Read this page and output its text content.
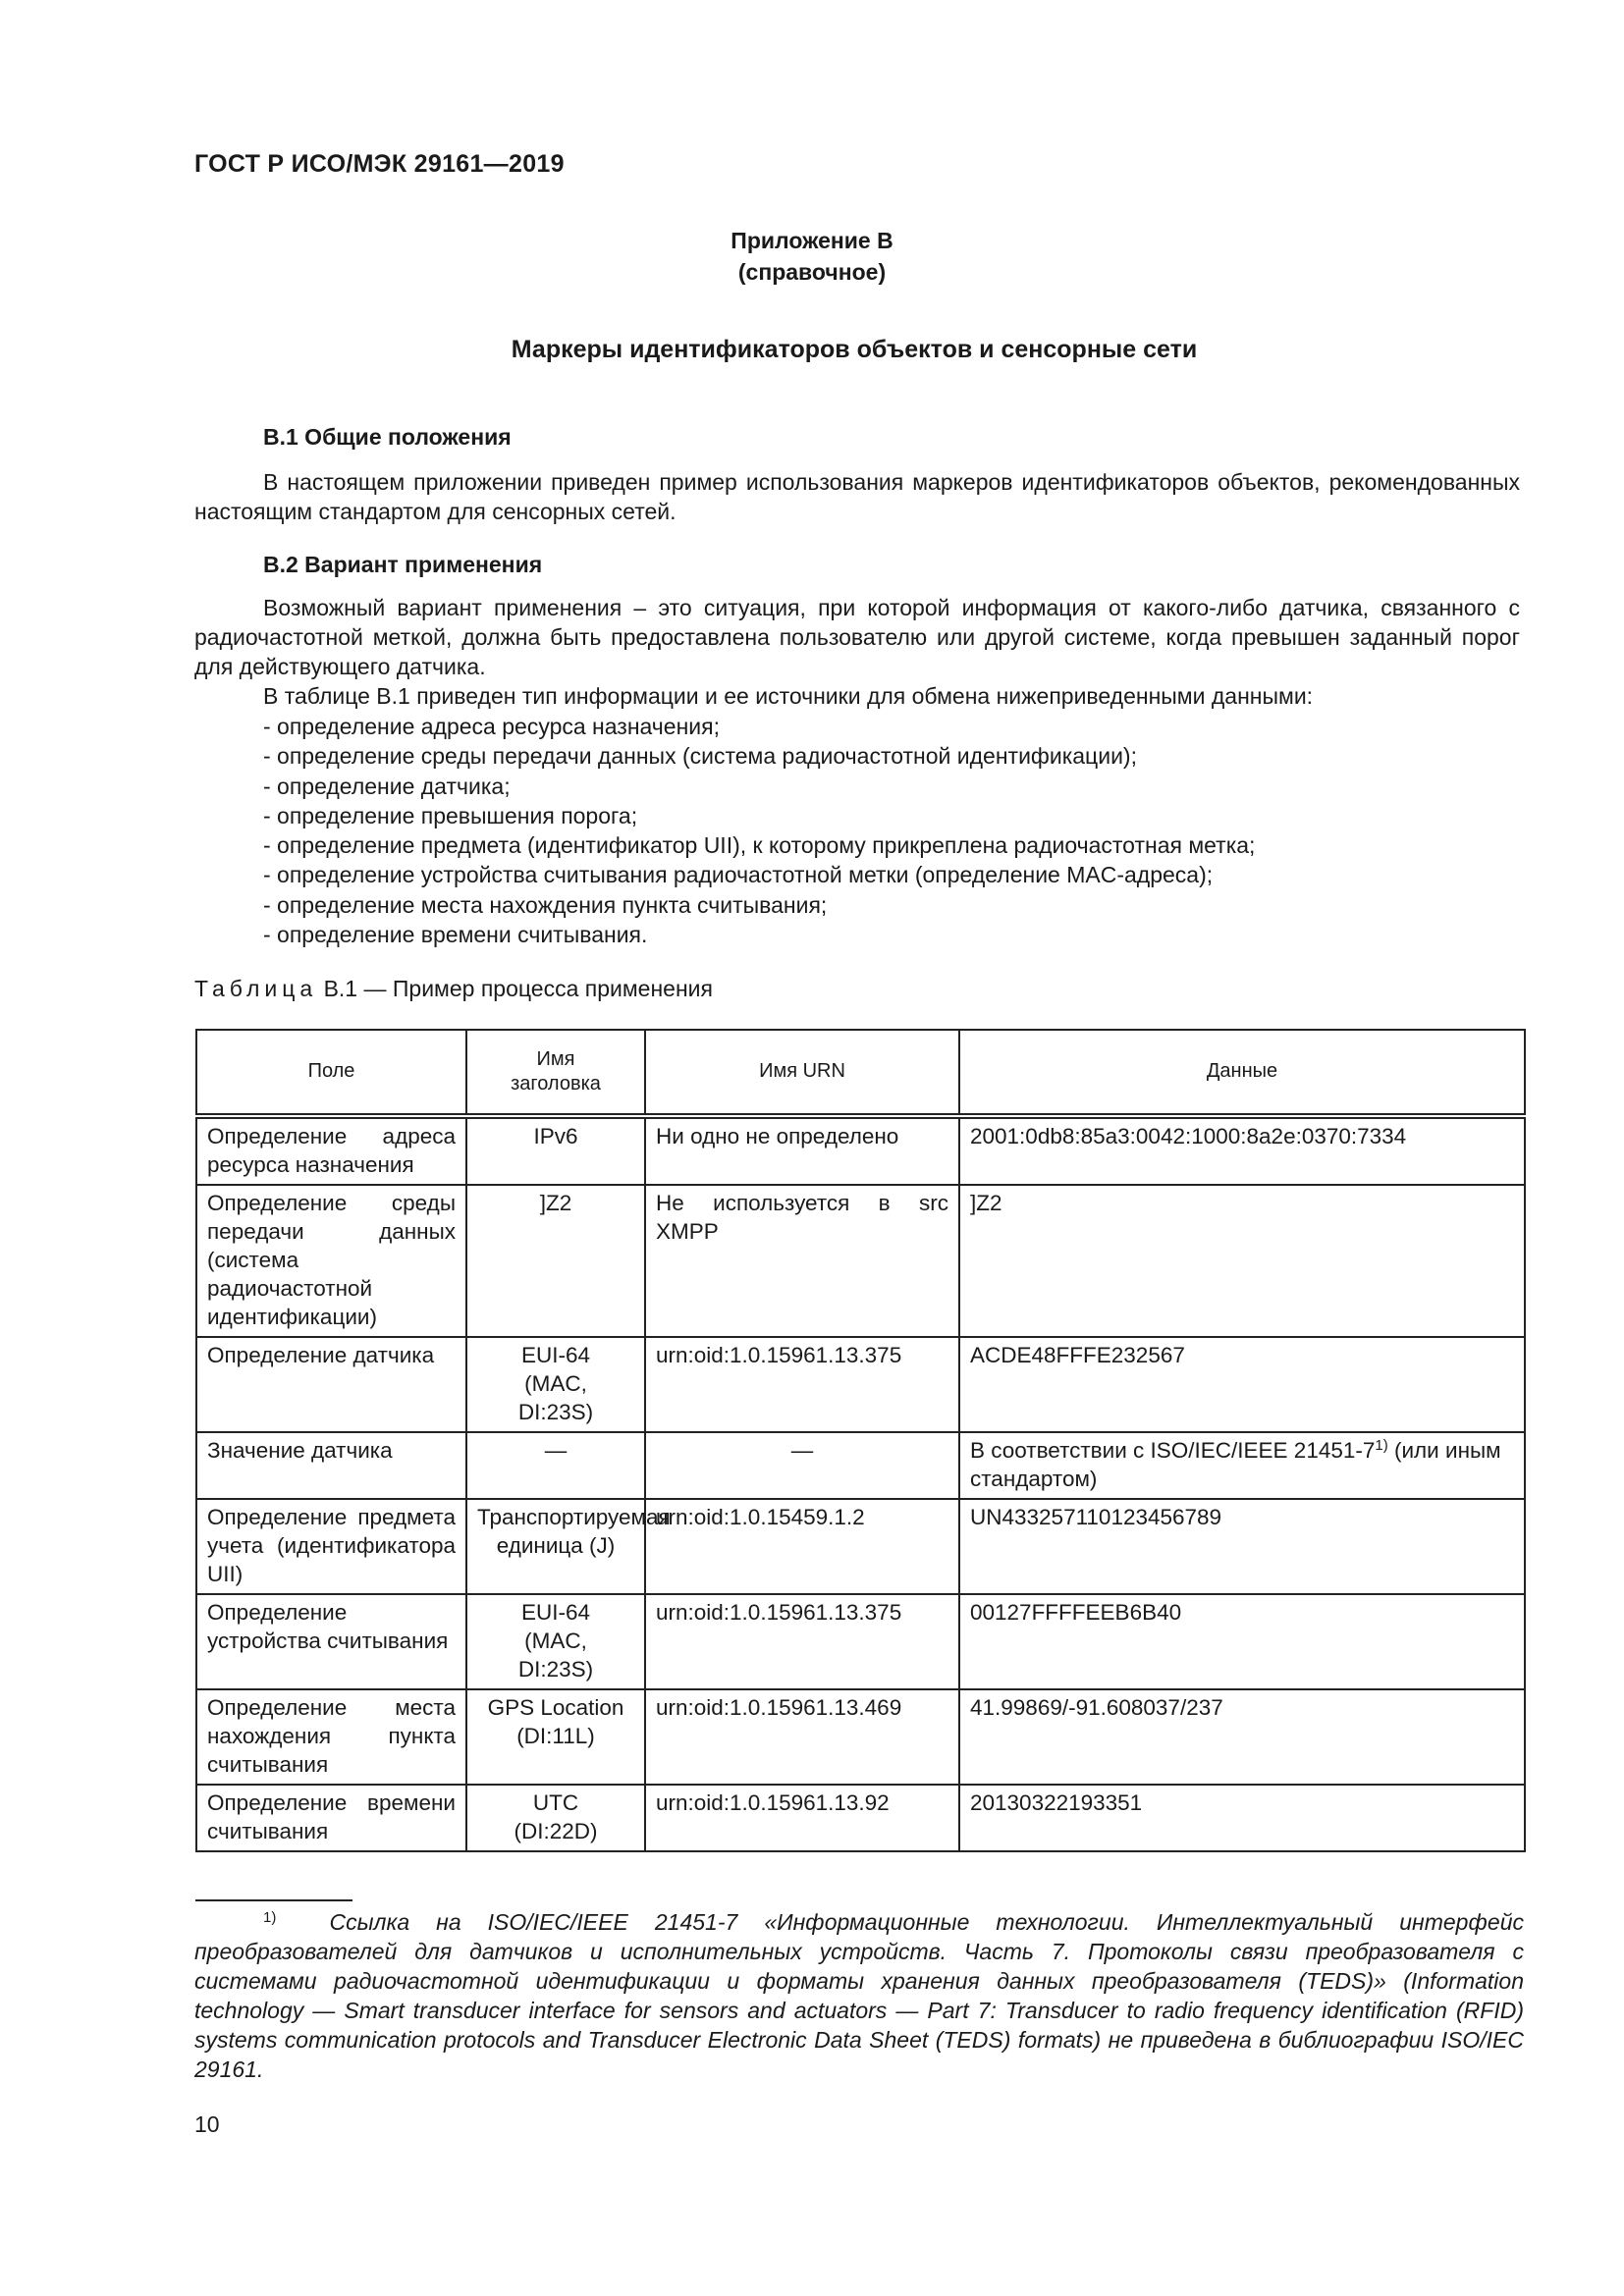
ГОСТ Р ИСО/МЭК 29161—2019
Приложение В
(справочное)
Маркеры идентификаторов объектов и сенсорные сети
В.1 Общие положения
В настоящем приложении приведен пример использования маркеров идентификаторов объектов, рекомендованных настоящим стандартом для сенсорных сетей.
В.2 Вариант применения
Возможный вариант применения – это ситуация, при которой информация от какого-либо датчика, связанного с радиочастотной меткой, должна быть предоставлена пользователю или другой системе, когда превышен заданный порог для действующего датчика.
В таблице В.1 приведен тип информации и ее источники для обмена нижеприведенными данными:
- определение адреса ресурса назначения;
- определение среды передачи данных (система радиочастотной идентификации);
- определение датчика;
- определение превышения порога;
- определение предмета (идентификатор UII), к которому прикреплена радиочастотная метка;
- определение устройства считывания радиочастотной метки (определение MAC-адреса);
- определение места нахождения пункта считывания;
- определение времени считывания.
Таблица В.1 — Пример процесса применения
Поле	Имя заголовка	Имя URN	Данные
Определение адреса ресурса назначения	IPv6	Ни одно не определено	2001:0db8:85a3:0042:1000:8a2e:0370:7334
Определение среды передачи данных (система радиочастотной идентификации)	]Z2	Не используется в src XMPP	]Z2
Определение датчика	EUI-64 (MAC, DI:23S)	urn:oid:1.0.15961.13.375	ACDE48FFFE232567
Значение датчика	—	—	В соответствии с ISO/IEC/IEEE 21451-7$^{1)}$ (или иным стандартом)
Определение предмета учета (идентификатора UII)	Транспортируемая единица (J)	urn:oid:1.0.15459.1.2	UN433257110123456789
Определение устройства считывания	EUI-64 (MAC, DI:23S)	urn:oid:1.0.15961.13.375	00127FFFFEEB6B40
Определение места нахождения пункта считывания	GPS Location (DI:11L)	urn:oid:1.0.15961.13.469	41.99869/-91.608037/237
Определение времени считывания	UTC (DI:22D)	urn:oid:1.0.15961.13.92	20130322193351
$^{1)}$ Ссылка на ISO/IEC/IEEE 21451-7 «Информационные технологии. Интеллектуальный интерфейс преобразователей для датчиков и исполнительных устройств. Часть 7. Протоколы связи преобразователя с системами радиочастотной идентификации и форматы хранения данных преобразователя (TEDS)» (Information technology — Smart transducer interface for sensors and actuators — Part 7: Transducer to radio frequency identification (RFID) systems communication protocols and Transducer Electronic Data Sheet (TEDS) formats) не приведена в библиографии ISO/IEC 29161.
10
